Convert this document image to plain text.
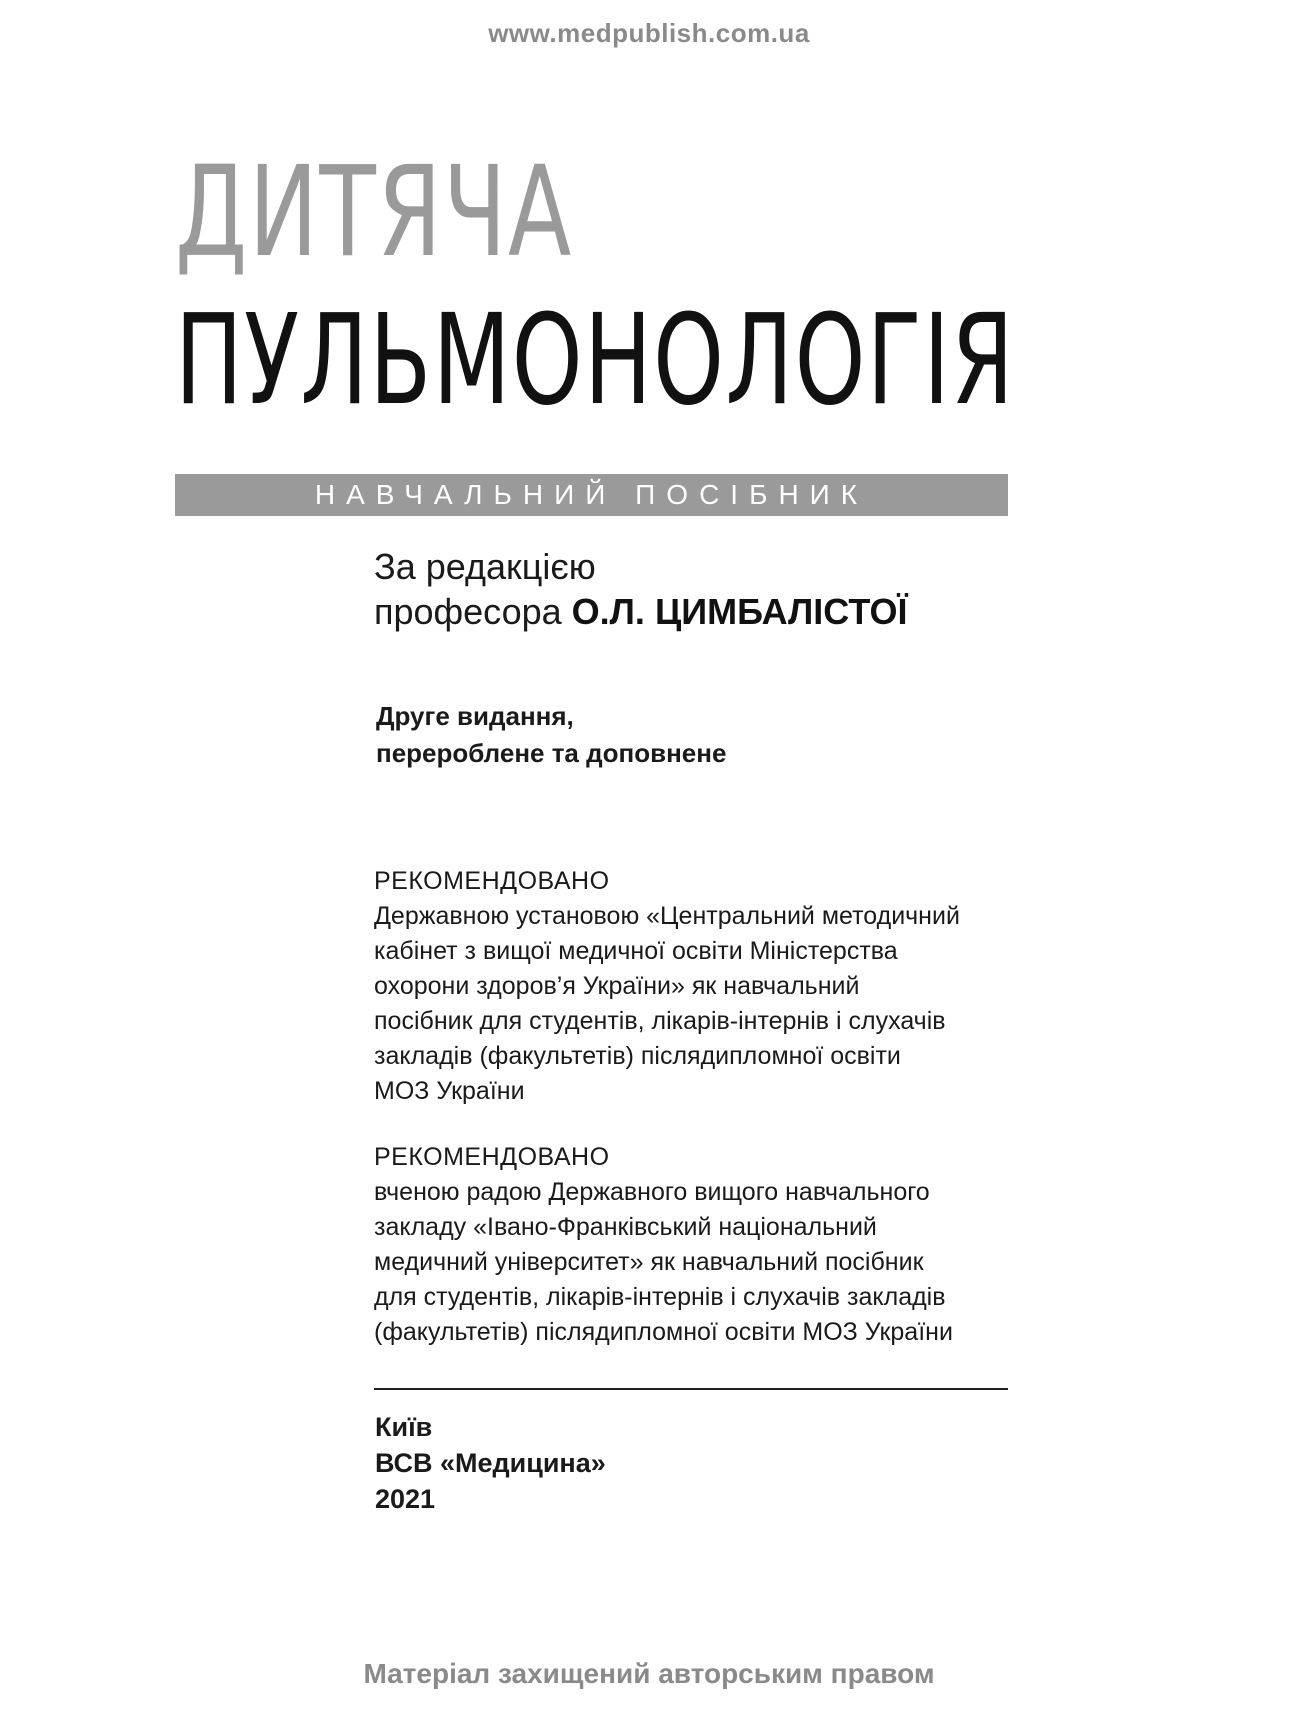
www.medpublish.com.ua
ДИТЯЧА
ПУЛЬМОНОЛОГІЯ
НАВЧАЛЬНИЙ ПОСІБНИК
За редакцією
професора О.Л. ЦИМБАЛІСТОЇ
Друге видання,
перероблене та доповнене
РЕКОМЕНДОВАНО
Державною установою «Центральний методичний
кабінет з вищої медичної освіти Міністерства
охорони здоров’я України» як навчальний
посібник для студентів, лікарів-інтернів і слухачів
закладів (факультетів) післядипломної освіти
МОЗ України
РЕКОМЕНДОВАНО
вченою радою Державного вищого навчального
закладу «Івано-Франківський національний
медичний університет» як навчальний посібник
для студентів, лікарів-інтернів і слухачів закладів
(факультетів) післядипломної освіти МОЗ України
Київ
ВСВ «Медицина»
2021
Матеріал захищений авторським правом
